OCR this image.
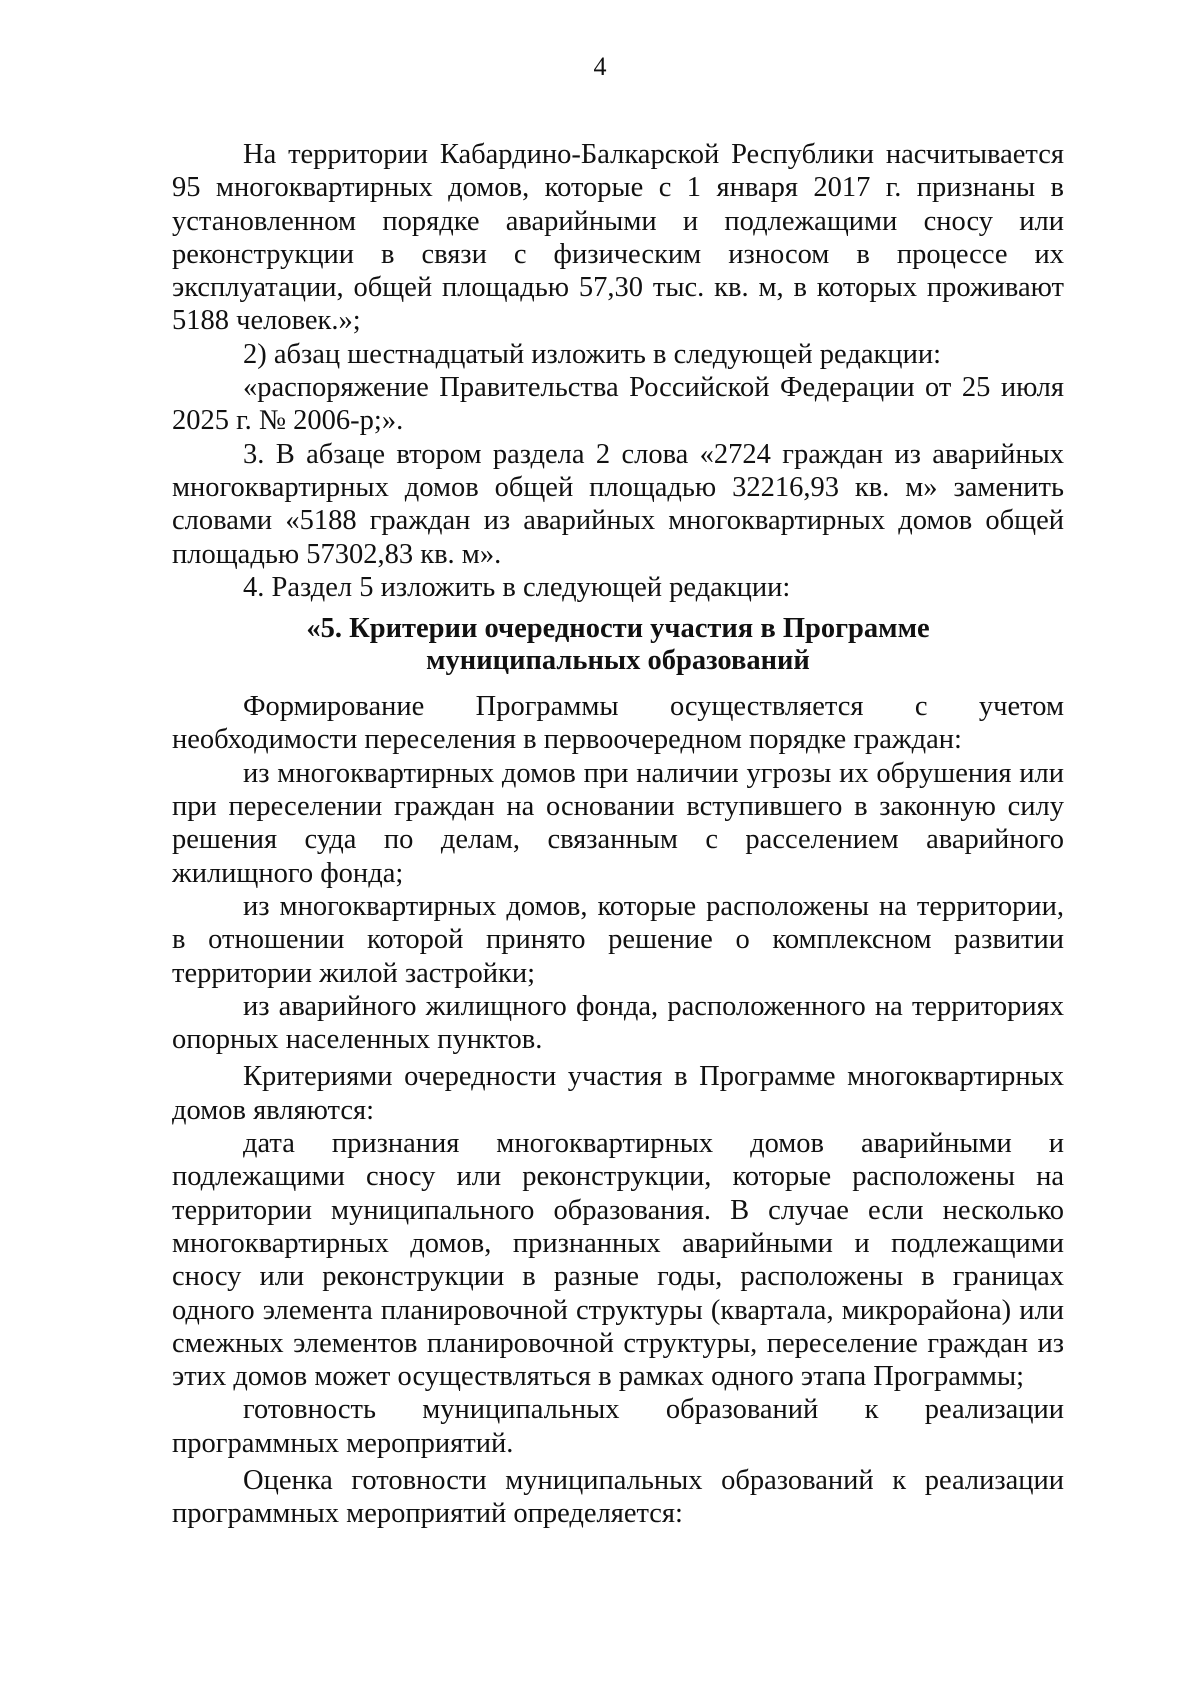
4

На территории Кабардино-Балкарской Республики насчитывается 95 многоквартирных домов, которые с 1 января 2017 г. признаны в установленном порядке аварийными и подлежащими сносу или реконструкции в связи с физическим износом в процессе их эксплуатации, общей площадью 57,30 тыс. кв. м, в которых проживают 5188 человек.»;

2) абзац шестнадцатый изложить в следующей редакции:

«распоряжение Правительства Российской Федерации от 25 июля 2025 г. № 2006-р;».

3. В абзаце втором раздела 2 слова «2724 граждан из аварийных многоквартирных домов общей площадью 32216,93 кв. м» заменить словами «5188 граждан из аварийных многоквартирных домов общей площадью 57302,83 кв. м».

4. Раздел 5 изложить в следующей редакции:

«5. Критерии очередности участия в Программе
муниципальных образований

Формирование Программы осуществляется с учетом необходимости переселения в первоочередном порядке граждан:

из многоквартирных домов при наличии угрозы их обрушения или при переселении граждан на основании вступившего в законную силу решения суда по делам, связанным с расселением аварийного жилищного фонда;

из многоквартирных домов, которые расположены на территории, в отношении которой принято решение о комплексном развитии территории жилой застройки;

из аварийного жилищного фонда, расположенного на территориях опорных населенных пунктов.

Критериями очередности участия в Программе многоквартирных домов являются:

дата признания многоквартирных домов аварийными и подлежащими сносу или реконструкции, которые расположены на территории муниципального образования. В случае если несколько многоквартирных домов, признанных аварийными и подлежащими сносу или реконструкции в разные годы, расположены в границах одного элемента планировочной структуры (квартала, микрорайона) или смежных элементов планировочной структуры, переселение граждан из этих домов может осуществляться в рамках одного этапа Программы;

готовность муниципальных образований к реализации программных мероприятий.

Оценка готовности муниципальных образований к реализации программных мероприятий определяется:
